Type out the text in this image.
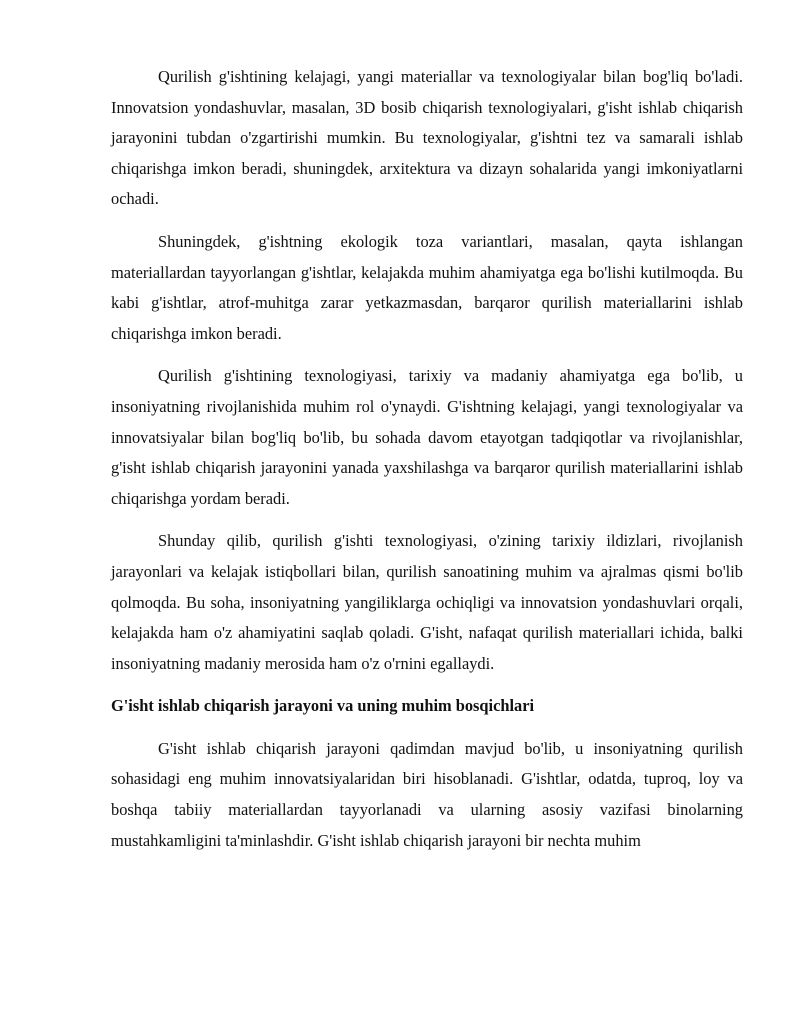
Qurilish g'ishtining kelajagi, yangi materiallar va texnologiyalar bilan bog'liq bo'ladi. Innovatsion yondashuvlar, masalan, 3D bosib chiqarish texnologiyalari, g'isht ishlab chiqarish jarayonini tubdan o'zgartirishi mumkin. Bu texnologiyalar, g'ishtni tez va samarali ishlab chiqarishga imkon beradi, shuningdek, arxitektura va dizayn sohalarida yangi imkoniyatlarni ochadi.

Shuningdek, g'ishtning ekologik toza variantlari, masalan, qayta ishlangan materiallardan tayyorlangan g'ishtlar, kelajakda muhim ahamiyatga ega bo'lishi kutilmoqda. Bu kabi g'ishtlar, atrof-muhitga zarar yetkazmasdan, barqaror qurilish materiallarini ishlab chiqarishga imkon beradi.

Qurilish g'ishtining texnologiyasi, tarixiy va madaniy ahamiyatga ega bo'lib, u insoniyatning rivojlanishida muhim rol o'ynaydi. G'ishtning kelajagi, yangi texnologiyalar va innovatsiyalar bilan bog'liq bo'lib, bu sohada davom etayotgan tadqiqotlar va rivojlanishlar, g'isht ishlab chiqarish jarayonini yanada yaxshilashga va barqaror qurilish materiallarini ishlab chiqarishga yordam beradi.

Shunday qilib, qurilish g'ishti texnologiyasi, o'zining tarixiy ildizlari, rivojlanish jarayonlari va kelajak istiqbollari bilan, qurilish sanoatining muhim va ajralmas qismi bo'lib qolmoqda. Bu soha, insoniyatning yangiliklarga ochiqligi va innovatsion yondashuvlari orqali, kelajakda ham o'z ahamiyatini saqlab qoladi. G'isht, nafaqat qurilish materiallari ichida, balki insoniyatning madaniy merosida ham o'z o'rnini egallaydi.

G'isht ishlab chiqarish jarayoni va uning muhim bosqichlari

G'isht ishlab chiqarish jarayoni qadimdan mavjud bo'lib, u insoniyatning qurilish sohasidagi eng muhim innovatsiyalaridan biri hisoblanadi. G'ishtlar, odatda, tuproq, loy va boshqa tabiiy materiallardan tayyorlanadi va ularning asosiy vazifasi binolarning mustahkamligini ta'minlashdir. G'isht ishlab chiqarish jarayoni bir nechta muhim
